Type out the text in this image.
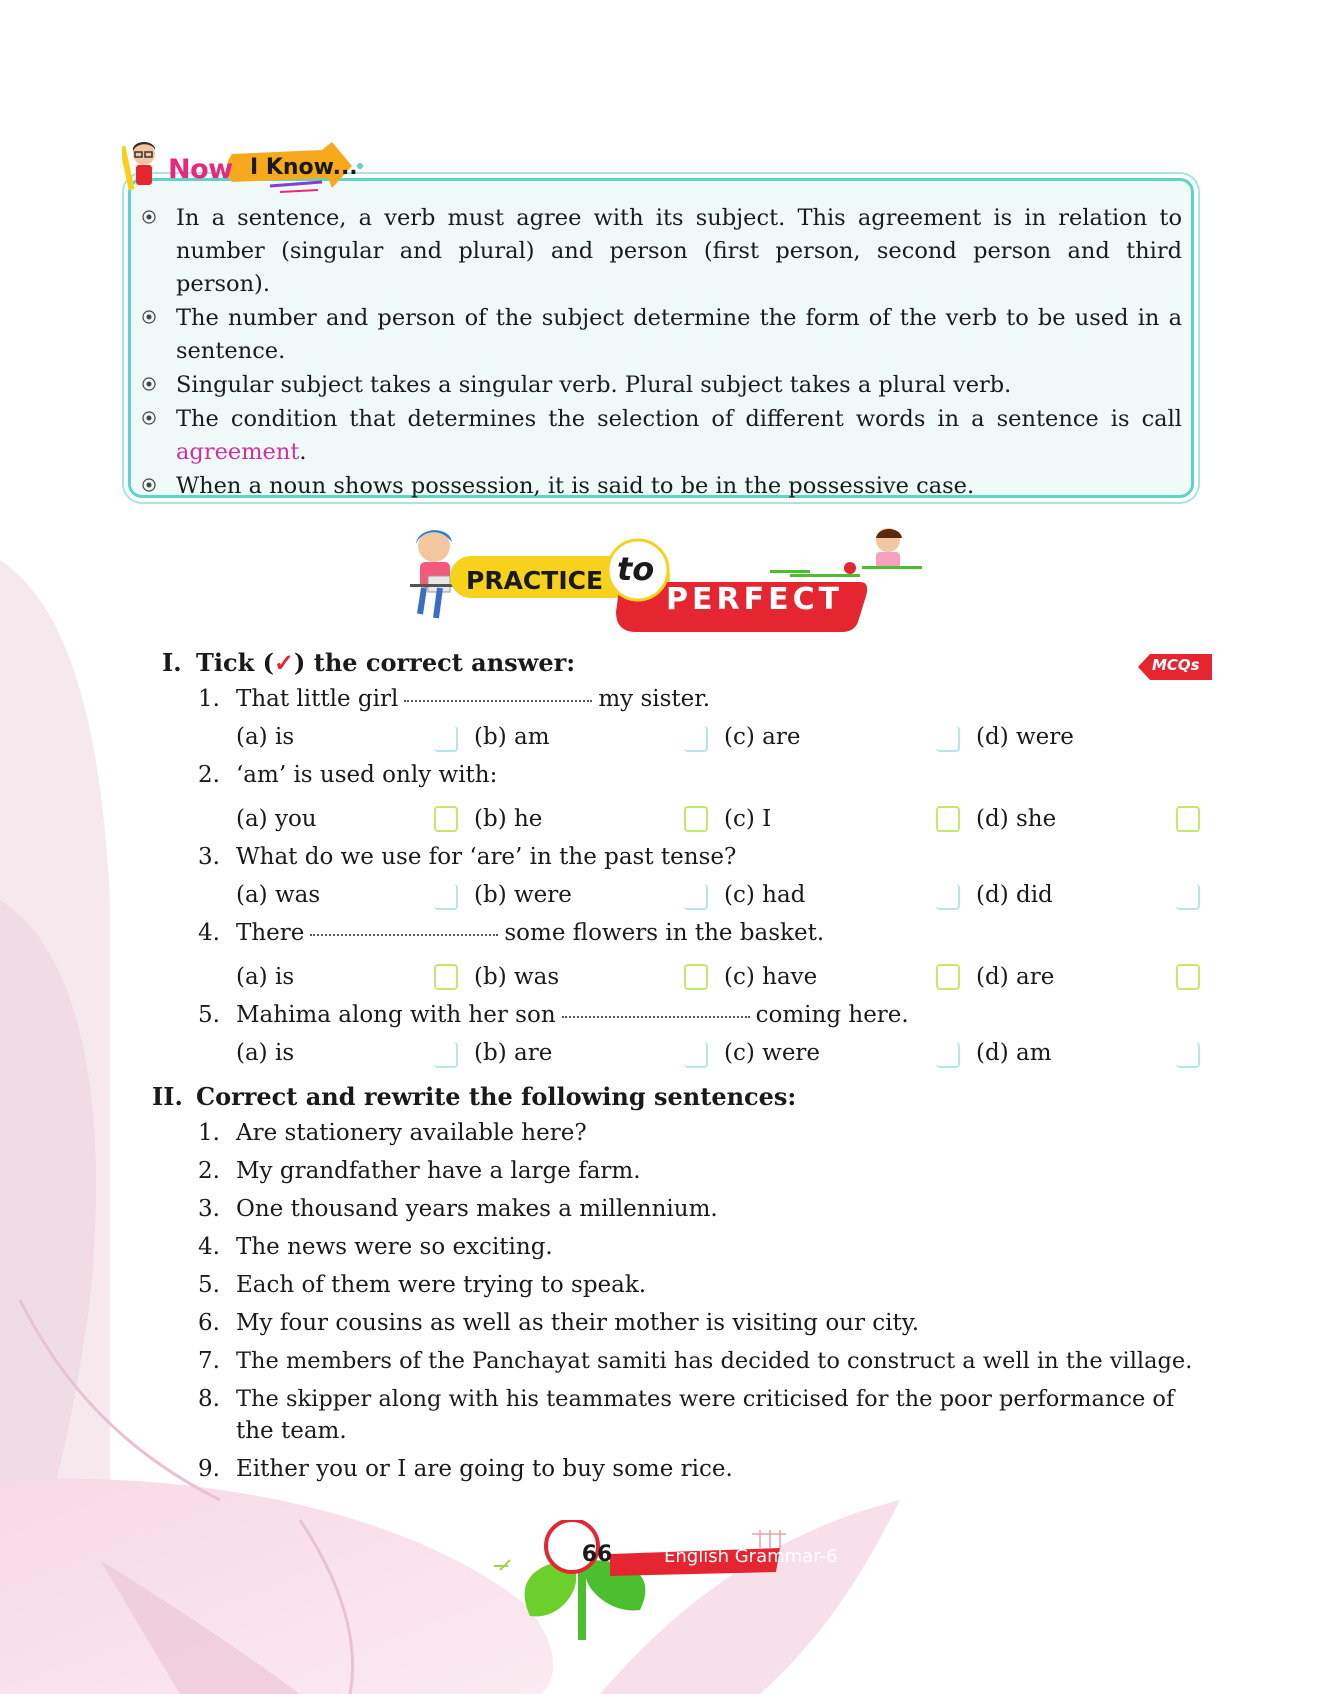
Now I Know...
In a sentence, a verb must agree with its subject. This agreement is in relation to number (singular and plural) and person (first person, second person and third person).
The number and person of the subject determine the form of the verb to be used in a sentence.
Singular subject takes a singular verb. Plural subject takes a plural verb.
The condition that determines the selection of different words in a sentence is call agreement.
When a noun shows possession, it is said to be in the possessive case.
PRACTICE to
PERFECT
I. Tick (✓) the correct answer:	MCQs
1. That little girl	my sister.
(a) is	(b) am	(c) are	(d) were
2. ‘am’ is used only with:
(a) you	(b) he	(c) I	(d) she
3. What do we use for ‘are’ in the past tense?
(a) was	(b) were	(c) had	(d) did
4. There	some flowers in the basket.
(a) is	(b) was	(c) have	(d) are
5. Mahima along with her son	coming here.
(a) is	(b) are	(c) were	(d) am
II. Correct and rewrite the following sentences:
1. Are stationery available here?
2. My grandfather have a large farm.
3. One thousand years makes a millennium.
4. The news were so exciting.
5. Each of them were trying to speak.
6. My four cousins as well as their mother is visiting our city.
7. The members of the Panchayat samiti has decided to construct a well in the village.
8. The skipper along with his teammates were criticised for the poor performance of
the team.
9. Either you or I are going to buy some rice.
66	English Grammar-6
